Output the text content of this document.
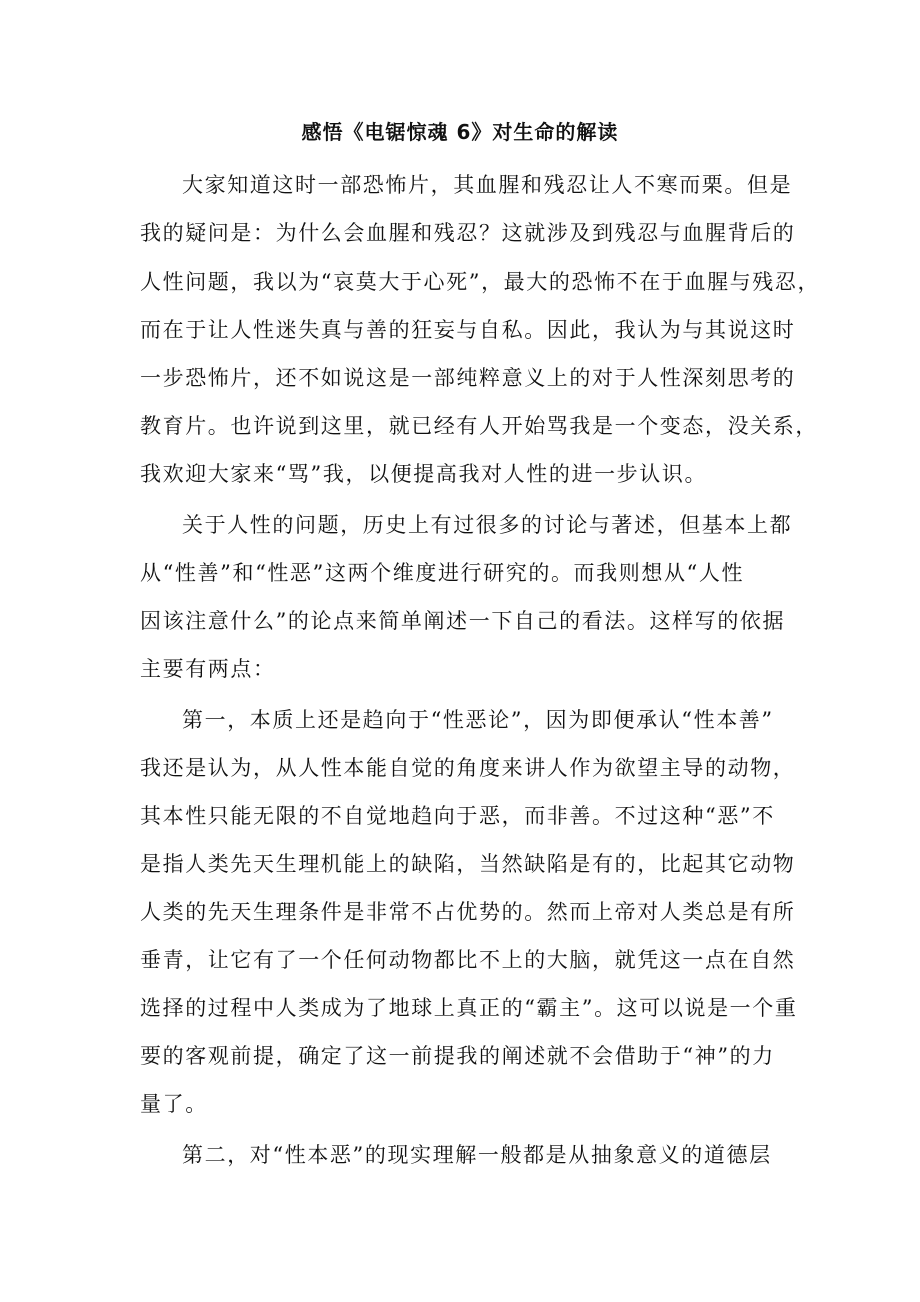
感悟《电锯惊魂 6》对生命的解读
大家知道这时一部恐怖片，其血腥和残忍让人不寒而栗。但是
我的疑问是：为什么会血腥和残忍？这就涉及到残忍与血腥背后的
人性问题，我以为“哀莫大于心死”，最大的恐怖不在于血腥与残忍，
而在于让人性迷失真与善的狂妄与自私。因此，我认为与其说这时
一步恐怖片，还不如说这是一部纯粹意义上的对于人性深刻思考的
教育片。也许说到这里，就已经有人开始骂我是一个变态，没关系，
我欢迎大家来“骂”我，以便提高我对人性的进一步认识。
关于人性的问题，历史上有过很多的讨论与著述，但基本上都
从“性善”和“性恶”这两个维度进行研究的。而我则想从“人性
因该注意什么”的论点来简单阐述一下自己的看法。这样写的依据
主要有两点：
第一，本质上还是趋向于“性恶论”，因为即便承认“性本善”
我还是认为，从人性本能自觉的角度来讲人作为欲望主导的动物，
其本性只能无限的不自觉地趋向于恶，而非善。不过这种“恶”不
是指人类先天生理机能上的缺陷，当然缺陷是有的，比起其它动物
人类的先天生理条件是非常不占优势的。然而上帝对人类总是有所
垂青，让它有了一个任何动物都比不上的大脑，就凭这一点在自然
选择的过程中人类成为了地球上真正的“霸主”。这可以说是一个重
要的客观前提，确定了这一前提我的阐述就不会借助于“神”的力
量了。
第二，对“性本恶”的现实理解一般都是从抽象意义的道德层
